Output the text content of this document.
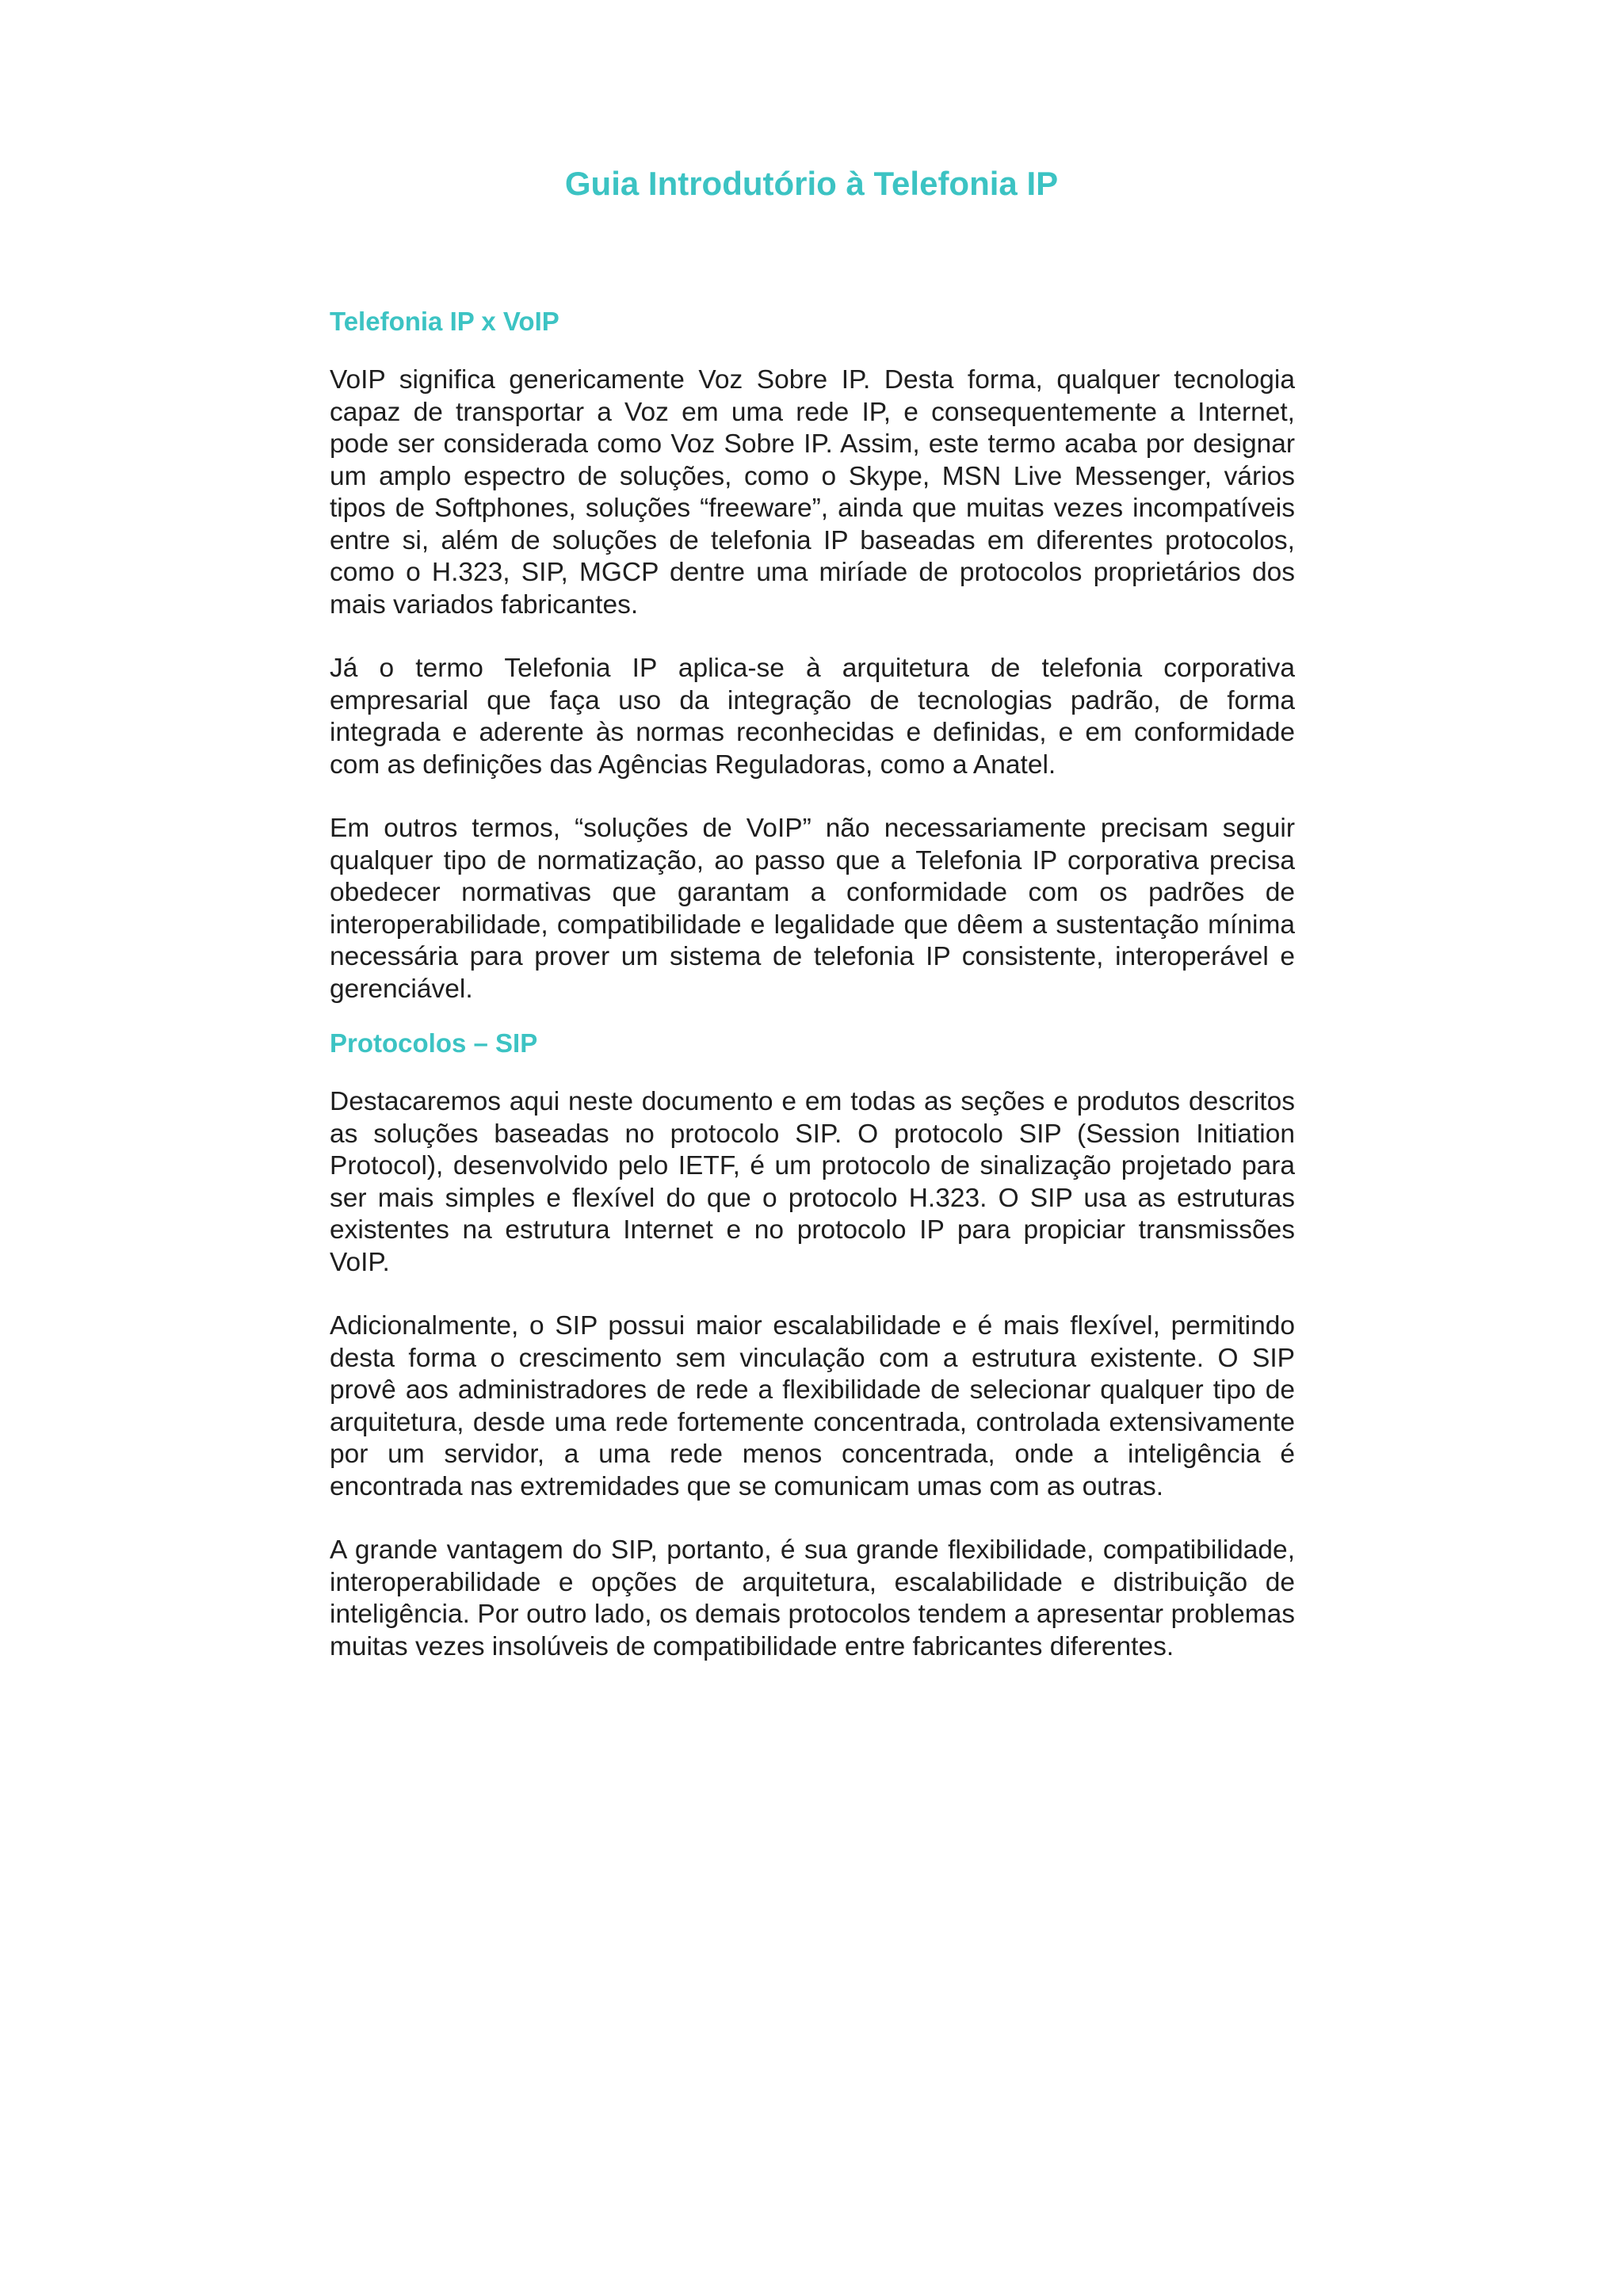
Guia Introdutório à Telefonia IP
Telefonia IP x VoIP

VoIP significa genericamente Voz Sobre IP. Desta forma, qualquer tecnologia capaz de transportar a Voz em uma rede IP, e consequentemente a Internet, pode ser considerada como Voz Sobre IP. Assim, este termo acaba por designar um amplo espectro de soluções, como o Skype, MSN Live Messenger, vários tipos de Softphones, soluções “freeware”, ainda que muitas vezes incompatíveis entre si, além de soluções de telefonia IP baseadas em diferentes protocolos, como o H.323, SIP, MGCP dentre uma miríade de protocolos proprietários dos mais variados fabricantes.

Já o termo Telefonia IP aplica-se à arquitetura de telefonia corporativa empresarial que faça uso da integração de tecnologias padrão, de forma integrada e aderente às normas reconhecidas e definidas, e em conformidade com as definições das Agências Reguladoras, como a Anatel.

Em outros termos, “soluções de VoIP” não necessariamente precisam seguir qualquer tipo de normatização, ao passo que a Telefonia IP corporativa precisa obedecer normativas que garantam a conformidade com os padrões de interoperabilidade, compatibilidade e legalidade que dêem a sustentação mínima necessária para prover um sistema de telefonia IP consistente, interoperável e gerenciável.

Protocolos – SIP

Destacaremos aqui neste documento e em todas as seções e produtos descritos as soluções baseadas no protocolo SIP. O protocolo SIP (Session Initiation Protocol), desenvolvido pelo IETF, é um protocolo de sinalização projetado para ser mais simples e flexível do que o protocolo H.323. O SIP usa as estruturas existentes na estrutura Internet e no protocolo IP para propiciar transmissões VoIP.

Adicionalmente, o SIP possui maior escalabilidade e é mais flexível, permitindo desta forma o crescimento sem vinculação com a estrutura existente. O SIP provê aos administradores de rede a flexibilidade de selecionar qualquer tipo de arquitetura, desde uma rede fortemente concentrada, controlada extensivamente por um servidor, a uma rede menos concentrada, onde a inteligência é encontrada nas extremidades que se comunicam umas com as outras.

A grande vantagem do SIP, portanto, é sua grande flexibilidade, compatibilidade, interoperabilidade e opções de arquitetura, escalabilidade e distribuição de inteligência. Por outro lado, os demais protocolos tendem a apresentar problemas muitas vezes insolúveis de compatibilidade entre fabricantes diferentes.
